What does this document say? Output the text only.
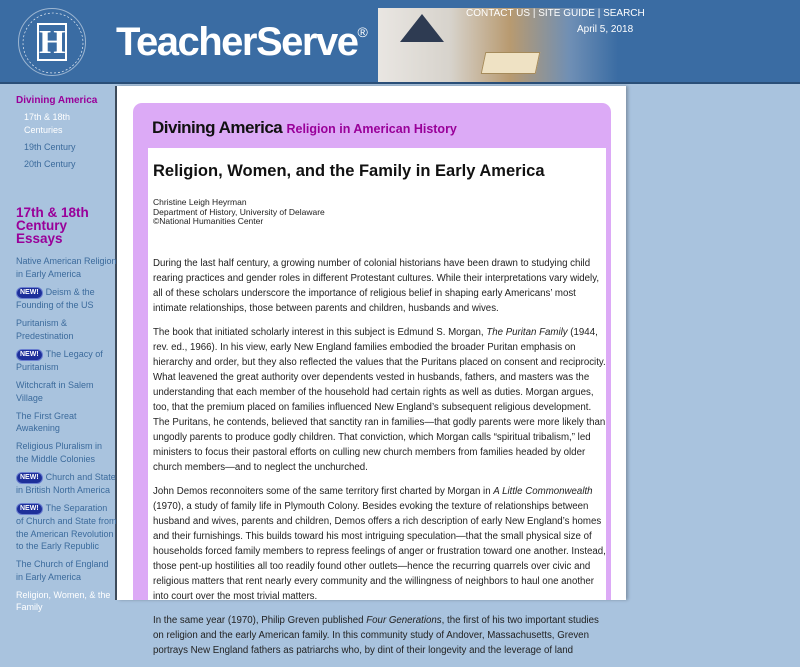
H TeacherServe®
CONTACT US | SITE GUIDE | SEARCH
April 5, 2018
Divining America
17th & 18th Centuries
19th Century
20th Century
17th & 18th Century Essays
Native American Religion in Early America
NEW! Deism & the Founding of the US
Puritanism & Predestination
NEW! The Legacy of Puritanism
Witchcraft in Salem Village
The First Great Awakening
Religious Pluralism in the Middle Colonies
NEW! Church and State in British North America
NEW! The Separation of Church and State from the American Revolution to the Early Republic
The Church of England in Early America
Religion, Women, & the Family
Divining America Religion in American History
Religion, Women, and the Family in Early America
Christine Leigh Heyrman
Department of History, University of Delaware
©National Humanities Center

During the last half century, a growing number of colonial historians have been drawn to studying child rearing practices and gender roles in different Protestant cultures. While their interpretations vary widely, all of these scholars underscore the importance of religious belief in shaping early Americans’ most intimate relationships, those between parents and children, husbands and wives.

The book that initiated scholarly interest in this subject is Edmund S. Morgan, The Puritan Family (1944, rev. ed., 1966). In his view, early New England families embodied the broader Puritan emphasis on hierarchy and order, but they also reflected the values that the Puritans placed on consent and reciprocity. What leavened the great authority over dependents vested in husbands, fathers, and masters was the understanding that each member of the household had certain rights as well as duties. Morgan argues, too, that the premium placed on families influenced New England’s subsequent religious development. The Puritans, he contends, believed that sanctity ran in families—that godly parents were more likely than ungodly parents to produce godly children. That conviction, which Morgan calls “spiritual tribalism,” led ministers to focus their pastoral efforts on culling new church members from families headed by older church members—and to neglect the unchurched.

John Demos reconnoiters some of the same territory first charted by Morgan in A Little Commonwealth (1970), a study of family life in Plymouth Colony. Besides evoking the texture of relationships between husband and wives, parents and children, Demos offers a rich description of early New England’s homes and their furnishings. This builds toward his most intriguing speculation—that the small physical size of households forced family members to repress feelings of anger or frustration toward one another. Instead, those pent-up hostilities all too readily found other outlets—hence the recurring quarrels over civic and religious matters that rent nearly every community and the willingness of neighbors to haul one another into court over the most trivial matters.

In the same year (1970), Philip Greven published Four Generations, the first of his two important studies on religion and the early American family. In this community study of Andover, Massachusetts, Greven portrays New England fathers as patriarchs who, by dint of their longevity and the leverage of land
